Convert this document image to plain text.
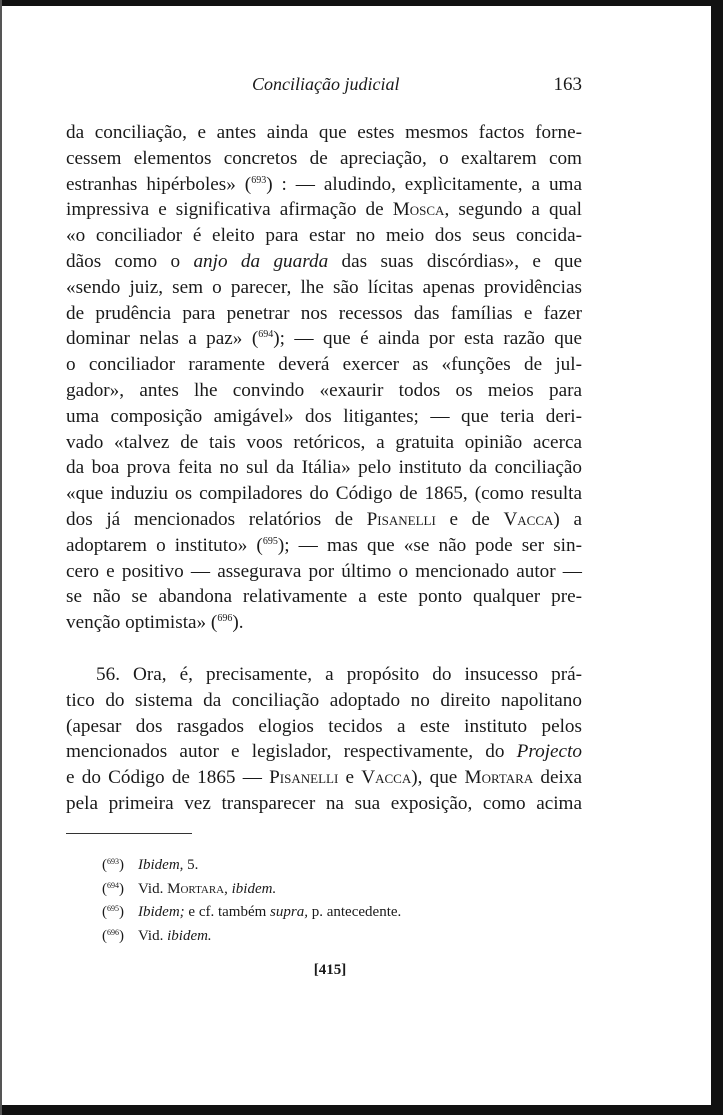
Conciliação judicial	163
da conciliação, e antes ainda que estes mesmos factos forne-
cessem elementos concretos de apreciação, o exaltarem com
estranhas hipérboles» ($^{693}$) : — aludindo, explìcitamente, a uma
impressiva e significativa afirmação de Mosca, segundo a qual
«o conciliador é eleito para estar no meio dos seus concida-
dãos como o anjo da guarda das suas discórdias», e que
«sendo juiz, sem o parecer, lhe são lícitas apenas providências
de prudência para penetrar nos recessos das famílias e fazer
dominar nelas a paz» ($^{694}$); — que é ainda por esta razão que
o conciliador raramente deverá exercer as «funções de jul-
gador», antes lhe convindo «exaurir todos os meios para
uma composição amigável» dos litigantes; — que teria deri-
vado «talvez de tais voos retóricos, a gratuita opinião acerca
da boa prova feita no sul da Itália» pelo instituto da conciliação
«que induziu os compiladores do Código de 1865, (como resulta
dos já mencionados relatórios de Pisanelli e de Vacca) a
adoptarem o instituto» ($^{695}$); — mas que «se não pode ser sin-
cero e positivo — assegurava por último o mencionado autor —
se não se abandona relativamente a este ponto qualquer pre-
venção optimista» ($^{696}$).
56. Ora, é, precisamente, a propósito do insucesso prá-
tico do sistema da conciliação adoptado no direito napolitano
(apesar dos rasgados elogios tecidos a este instituto pelos
mencionados autor e legislador, respectivamente, do Projecto
e do Código de 1865 — Pisanelli e Vacca), que Mortara deixa
pela primeira vez transparecer na sua exposição, como acima
($^{693}$) Ibidem, 5.
($^{694}$) Vid. Mortara, ibidem.
($^{695}$) Ibidem; e cf. também supra, p. antecedente.
($^{696}$) Vid. ibidem.
[415]
